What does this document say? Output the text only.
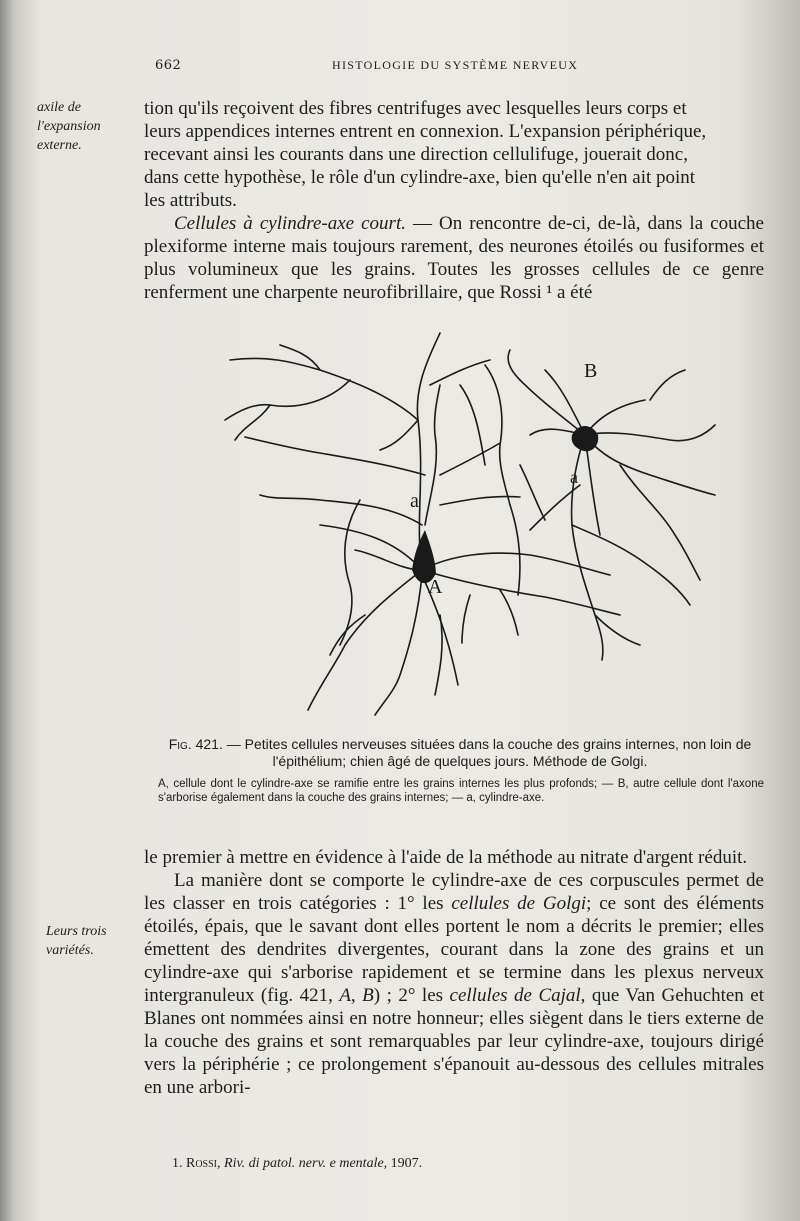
662	HISTOLOGIE DU SYSTÈME NERVEUX
axile de l'expansion externe.
tion qu'ils reçoivent des fibres centrifuges avec lesquelles leurs corps et
leurs appendices internes entrent en connexion. L'expansion périphérique,
recevant ainsi les courants dans une direction cellulifuge, jouerait donc,
dans cette hypothèse, le rôle d'un cylindre-axe, bien qu'elle n'en ait point
les attributs.
Cellules à cylindre-axe court. — On rencontre de-ci, de-là, dans la couche plexiforme interne mais toujours rarement, des neurones étoilés ou fusiformes et plus volumineux que les grains. Toutes les grosses cellules de ce genre renferment une charpente neurofibrillaire, que Rossi ¹ a été
a
a
A
B
Fig. 421. — Petites cellules nerveuses situées dans la couche des grains internes, non loin de l'épithélium; chien âgé de quelques jours. Méthode de Golgi.
A, cellule dont le cylindre-axe se ramifie entre les grains internes les plus profonds; — B, autre cellule dont l'axone s'arborise également dans la couche des grains internes; — a, cylindre-axe.
le premier à mettre en évidence à l'aide de la méthode au nitrate d'argent réduit.
La manière dont se comporte le cylindre-axe de ces corpuscules permet de les classer en trois catégories : 1° les cellules de Golgi; ce sont des éléments étoilés, épais, que le savant dont elles portent le nom a décrits le premier; elles émettent des dendrites divergentes, courant dans la zone des grains et un cylindre-axe qui s'arborise rapidement et se termine dans les plexus nerveux intergranuleux (fig. 421, A, B) ; 2° les cellules de Cajal, que Van Gehuchten et Blanes ont nommées ainsi en notre honneur; elles siègent dans le tiers externe de la couche des grains et sont remarquables par leur cylindre-axe, toujours dirigé vers la périphérie ; ce prolongement s'épanouit au-dessous des cellules mitrales en une arbori-
Leurs trois variétés.
1. Rossi, Riv. di patol. nerv. e mentale, 1907.
